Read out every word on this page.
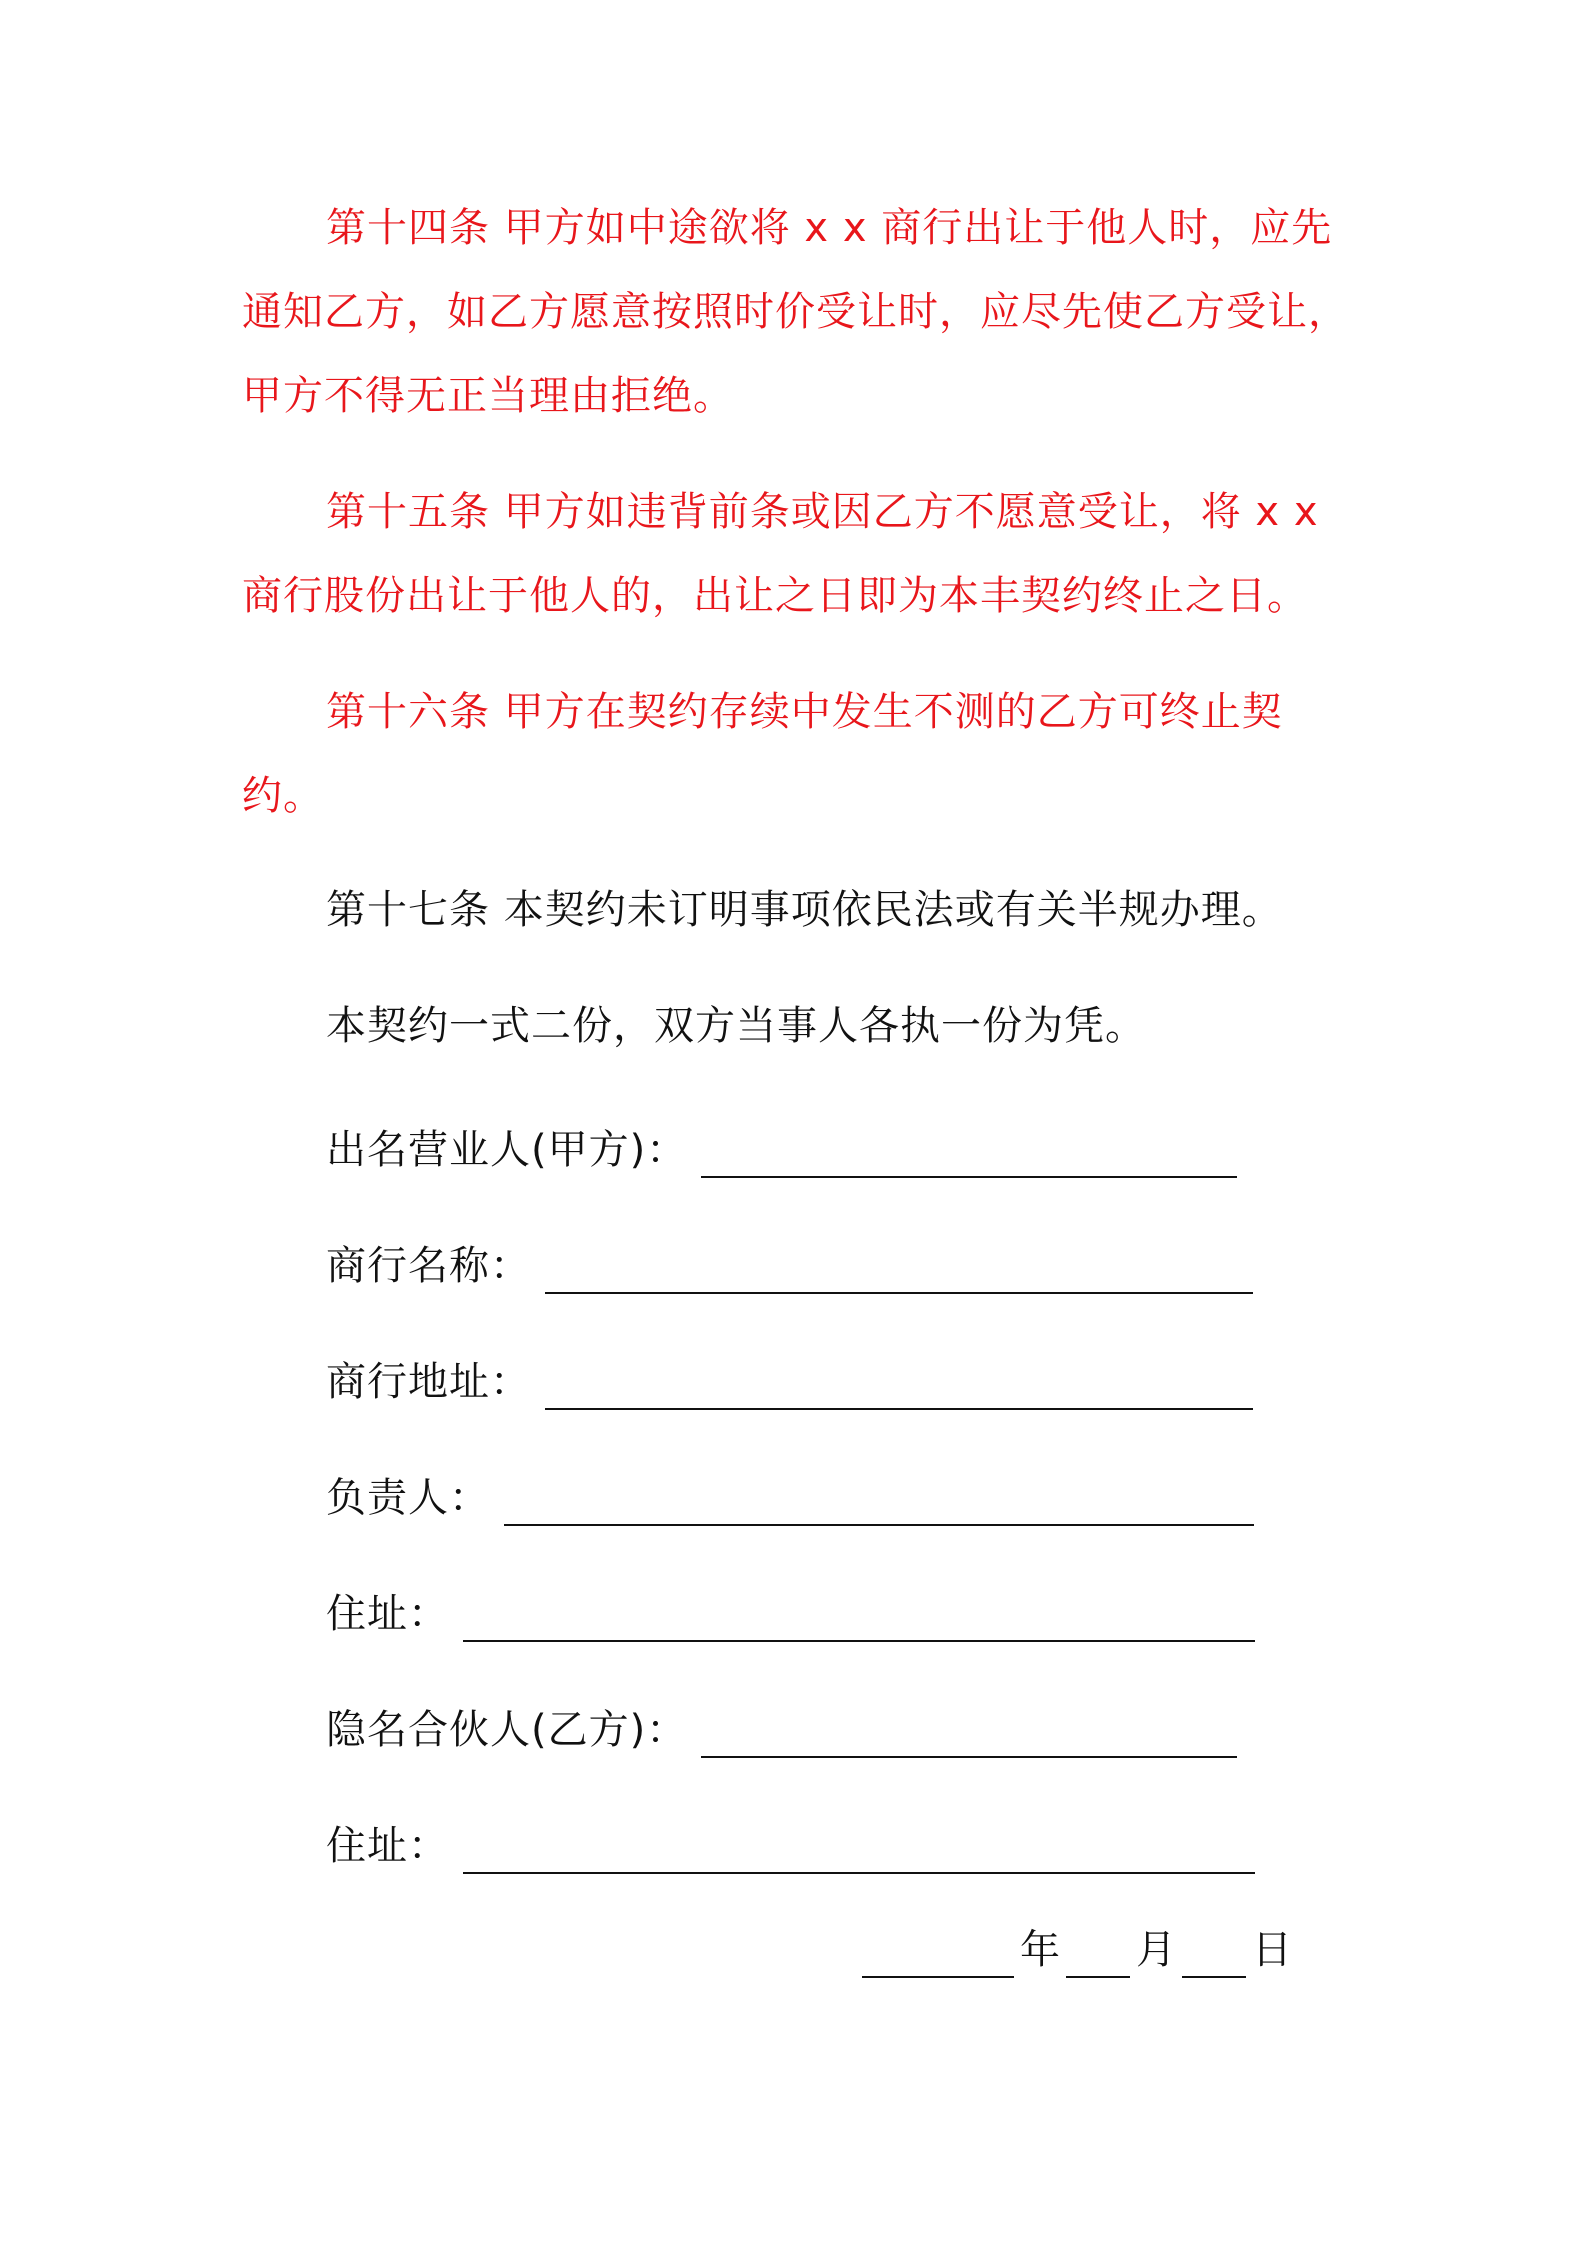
第十四条 甲方如中途欲将 x x 商行出让于他人时，应先通知乙方，如乙方愿意按照时价受让时，应尽先使乙方受让，甲方不得无正当理由拒绝。

第十五条 甲方如违背前条或因乙方不愿意受让，将 x x 商行股份出让于他人的，出让之日即为本丰契约终止之日。

第十六条 甲方在契约存续中发生不测的乙方可终止契约。

第十七条 本契约未订明事项依民法或有关半规办理。

本契约一式二份，双方当事人各执一份为凭。

出名营业人(甲方)：
商行名称：
商行地址：
负责人：
住址：
隐名合伙人(乙方)：
住址：
年 月 日
